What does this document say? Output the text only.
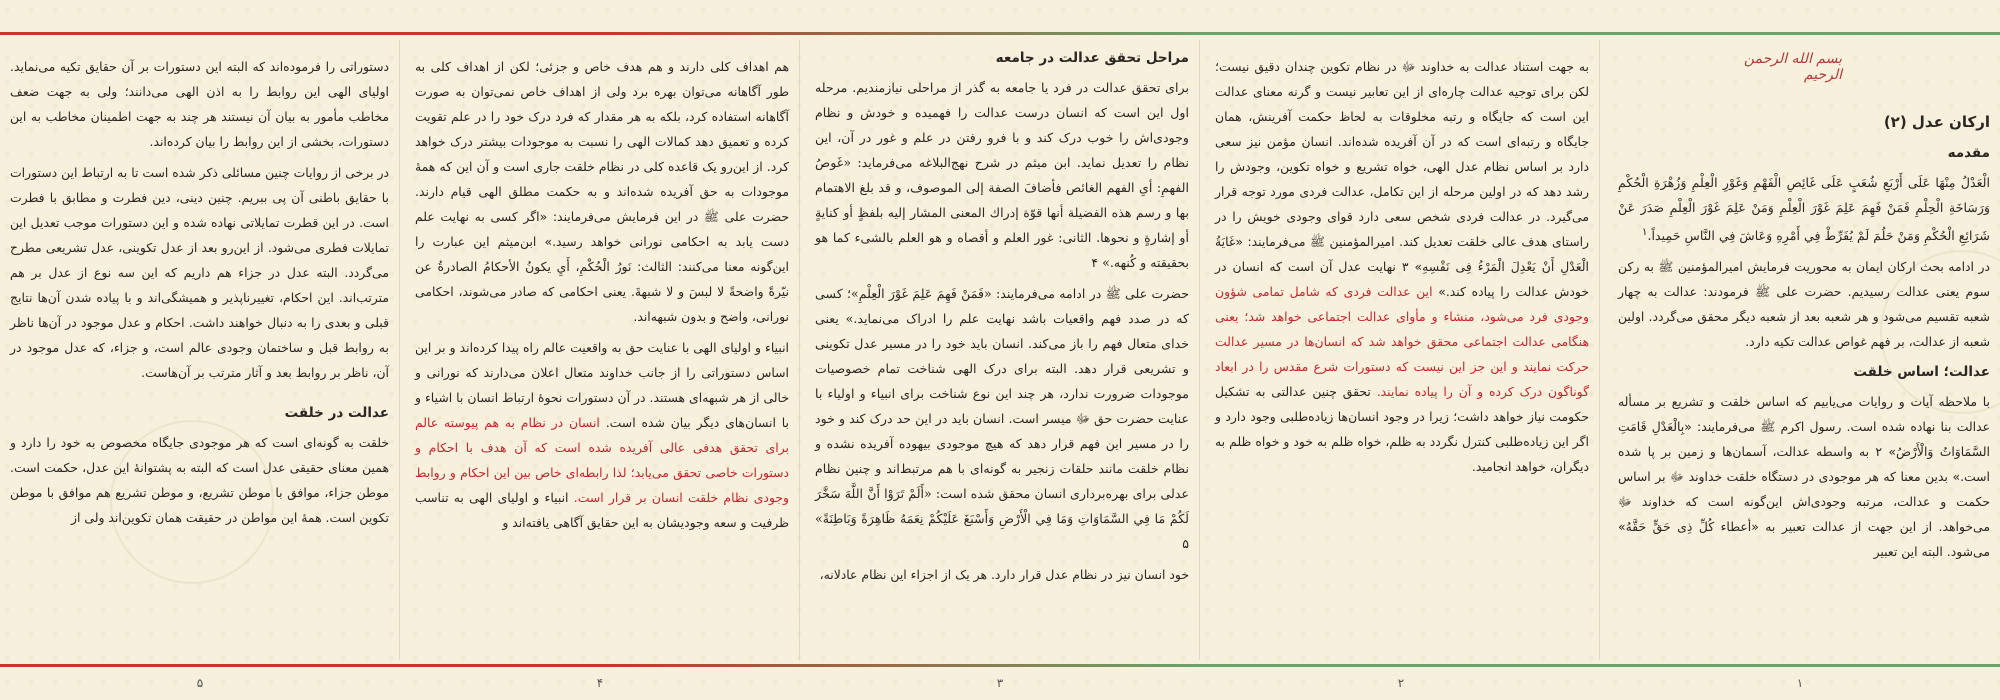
بسم الله الرحمن الرحیم
ارکان عدل (۲)
مقدمه

الْعَدْلُ مِنْهَا عَلَى أَرْبَعِ شُعَبٍ عَلَى غَائِصِ الْفَهْمِ وَغَوْرِ الْعِلْمِ وَزُهْرَةِ الْحُكْمِ وَرَسَاخَةِ الْحِلْمِ فَمَنْ فَهِمَ عَلِمَ غَوْرَ الْعِلْمِ وَمَنْ عَلِمَ غَوْرَ الْعِلْمِ صَدَرَ عَنْ شَرَائِعِ الْحُكْمِ وَمَنْ حَلُمَ لَمْ يُفَرِّطْ فِي أَمْرِهِ وَعَاشَ فِي النَّاسِ حَمِيداً.$^۱$

در ادامه بحث ارکان ایمان به محوریت فرمایش امیرالمؤمنین ﷺ به رکن سوم یعنی عدالت رسیدیم. حضرت علی ﷺ فرمودند: عدالت به چهار شعبه تقسیم می‌شود و هر شعبه بعد از شعبه دیگر محقق می‌گردد. اولین شعبه از عدالت، بر فهم غواص عدالت تکیه دارد.

عدالت؛ اساس خلقت

با ملاحظه آیات و روایات می‌یابیم که اساس خلقت و تشریع بر مسأله عدالت بنا نهاده شده است. رسول اکرم ﷺ می‌فرمایند: «بِالْعَدْلِ قَامَتِ السَّمَاوَاتُ وَالْأَرْضُ» ۲ به واسطه عدالت، آسمان‌ها و زمین بر پا شده است.» بدین معنا که هر موجودی در دستگاه خلقت خداوند ﷻ بر اساس حکمت و عدالت، مرتبه وجودی‌اش این‌گونه است که خداوند ﷻ می‌خواهد. از این جهت از عدالت تعبیر به «أعطاء کُلِّ ذِی حَقٍّ حَقَّهُ» می‌شود. البته این تعبیر

به جهت استناد عدالت به خداوند ﷻ در نظام تکوین چندان دقیق نیست؛ لکن برای توجیه عدالت چاره‌ای از این تعابیر نیست و گرنه معنای عدالت این است که جایگاه و رتبه مخلوقات به لحاظ حکمت آفرینش، همان جایگاه و رتبه‌ای است که در آن آفریده شده‌اند. انسان مؤمن نیز سعی دارد بر اساس نظام عدل الهی، خواه تشریع و خواه تکوین، وجودش را رشد دهد که در اولین مرحله از این تکامل، عدالت فردی مورد توجه قرار می‌گیرد. در عدالت فردی شخص سعی دارد قوای وجودی خویش را در راستای هدف عالی خلقت تعدیل کند. امیرالمؤمنین ﷺ می‌فرمایند: «غَایَةُ الْعَدْلِ أَنْ یَعْدِلَ الْمَرْءُ فِی نَفْسِهِ» ۳ نهایت عدل آن است که انسان در خودش عدالت را پیاده کند.» این عدالت فردی که شامل تمامی شؤون وجودی فرد می‌شود، منشاء و مأوای عدالت اجتماعی خواهد شد؛ یعنی هنگامی عدالت اجتماعی محقق خواهد شد که انسان‌ها در مسیر عدالت حرکت نمایند و این جز این نیست که دستورات شرع مقدس را در ابعاد گوناگون درک کرده و آن را پیاده نمایند. تحقق چنین عدالتی به تشکیل حکومت نیاز خواهد داشت؛ زیرا در وجود انسان‌ها زیاده‌طلبی وجود دارد و اگر این زیاده‌طلبی کنترل نگردد به ظلم، خواه ظلم به خود و خواه ظلم به دیگران، خواهد انجامید.

مراحل تحقق عدالت در جامعه

برای تحقق عدالت در فرد یا جامعه به گذر از مراحلی نیازمندیم. مرحله اول این است که انسان درست عدالت را فهمیده و خودش و نظام وجودی‌اش را خوب درک کند و با فرو رفتن در علم و غور در آن، این نظام را تعدیل نماید. ابن میثم در شرح نهج‌البلاغه می‌فرماید: «غَوصُ الفهمِ: أیِ الفهم الغائص فأضافَ الصفة إلی الموصوف، و قد بلغ الاهتمام بها و رسم هذه الفضیلة أنها قوّة إدراك المعنی المشار إلیه بلفظٍ أو كنایةٍ أو إشارةٍ و نحوها. الثانی: غور العلم و أقصاه و هو العلم بالشیء كما هو بحقیقته و كُنهه.» ۴

حضرت علی ﷺ در ادامه می‌فرمایند: «فَمَنْ فَهِمَ عَلِمَ غَوْرَ الْعِلْمِ»؛ کسی که در صدد فهم واقعیات باشد نهایت علم را ادراک می‌نماید.» یعنی خدای متعال فهم را باز می‌کند. انسان باید خود را در مسیر عدل تکوینی و تشریعی قرار دهد. البته برای درک الهی شناخت تمام خصوصیات موجودات ضرورت ندارد، هر چند این نوع شناخت برای انبیاء و اولیاء با عنایت حضرت حق ﷻ میسر است. انسان باید در این حد درک کند و خود را در مسیر این فهم قرار دهد که هیچ موجودی بیهوده آفریده نشده و نظام خلقت مانند حلقات زنجیر به گونه‌ای با هم مرتبط‌اند و چنین نظام عدلی برای بهره‌برداری انسان محقق شده است: «أَلَمْ تَرَوْا أَنَّ اللَّهَ سَخَّرَ لَكُمْ مَا فِي السَّمَاوَاتِ وَمَا فِي الْأَرْضِ وَأَسْبَغَ عَلَيْكُمْ نِعَمَهُ ظَاهِرَةً وَبَاطِنَةً» ۵

خود انسان نیز در نظام عدل قرار دارد. هر یک از اجزاء این نظام عادلانه،

هم اهداف کلی دارند و هم هدف خاص و جزئی؛ لکن از اهداف کلی به طور آگاهانه می‌توان بهره برد ولی از اهداف خاص نمی‌توان به صورت آگاهانه استفاده کرد، بلکه به هر مقدار که فرد درک خود را در علم تقویت کرده و تعمیق دهد کمالات الهی را نسبت به موجودات بیشتر درک خواهد کرد. از این‌رو یک قاعده کلی در نظام خلقت جاری است و آن این که همهٔ موجودات به حق آفریده شده‌اند و به حکمت مطلق الهی قیام دارند. حضرت علی ﷺ در این فرمایش می‌فرمایند: «اگر کسی به نهایت علم دست یابد به احکامی نورانی خواهد رسید.» ابن‌میثم این عبارت را این‌گونه معنا می‌کنند: الثالث: نَورُ الْحُكْمِ، أَيِ يكونُ الأحكامُ الصادرةُ عن نيّرةً واضحةً لا لبسَ و لا شبهةَ. یعنی احکامی که صادر می‌شوند، احکامی نورانی، واضح و بدون شبهه‌اند.

انبیاء و اولیای الهی با عنایت حق به واقعیت عالم راه پیدا کرده‌اند و بر این اساس دستوراتی را از جانب خداوند متعال اعلان می‌دارند که نورانی و خالی از هر شبهه‌ای هستند. در آن دستورات نحوهٔ ارتباط انسان با اشیاء و با انسان‌های دیگر بیان شده است. انسان در نظام به هم پیوسته عالم برای تحقق هدفی عالی آفریده شده است که آن هدف با احکام و دستورات خاصی تحقق می‌یابد؛ لذا رابطه‌ای خاص بین این احکام و روابط وجودی نظام خلقت انسان بر قرار است. انبیاء و اولیای الهی به تناسب ظرفیت و سعه وجودیشان به این حقایق آگاهی یافته‌اند و

دستوراتی را فرموده‌اند که البته این دستورات بر آن حقایق تکیه می‌نماید. اولیای الهی این روابط را به اذن الهی می‌دانند؛ ولی به جهت ضعف مخاطب مأمور به بیان آن نیستند هر چند به جهت اطمینان مخاطب به این دستورات، بخشی از این روابط را بیان کرده‌اند.

در برخی از روایات چنین مسائلی ذکر شده است تا به ارتباط این دستورات با حقایق باطنی آن پی ببریم. چنین دینی، دین فطرت و مطابق با فطرت است. در این قطرت تمایلاتی نهاده شده و این دستورات موجب تعدیل این تمایلات فطری می‌شود. از این‌رو بعد از عدل تکوینی، عدل تشریعی مطرح می‌گردد. البته عدل در جزاء هم داریم که این سه نوع از عدل بر هم مترتب‌اند. این احکام، تغییرناپذیر و همیشگی‌اند و با پیاده شدن آن‌ها نتایج قبلی و بعدی را به دنبال خواهند داشت. احکام و عدل موجود در آن‌ها ناظر به روابط قبل و ساختمان وجودی عالم است، و جزاء، که عدل موجود در آن، ناظر بر روابط بعد و آثار مترتب بر آن‌هاست.

عدالت در خلقت

خلقت به گونه‌ای است که هر موجودی جایگاه مخصوص به خود را دارد و همین معنای حقیقی عدل است که البته به پشتوانهٔ این عدل، حکمت است. موطن جزاء، موافق با موطن تشریع، و موطن تشریع هم موافق با موطن تکوین است. همهٔ این مواطن در حقیقت همان تکوین‌اند ولی از

۱
۲
۳
۴
۵
